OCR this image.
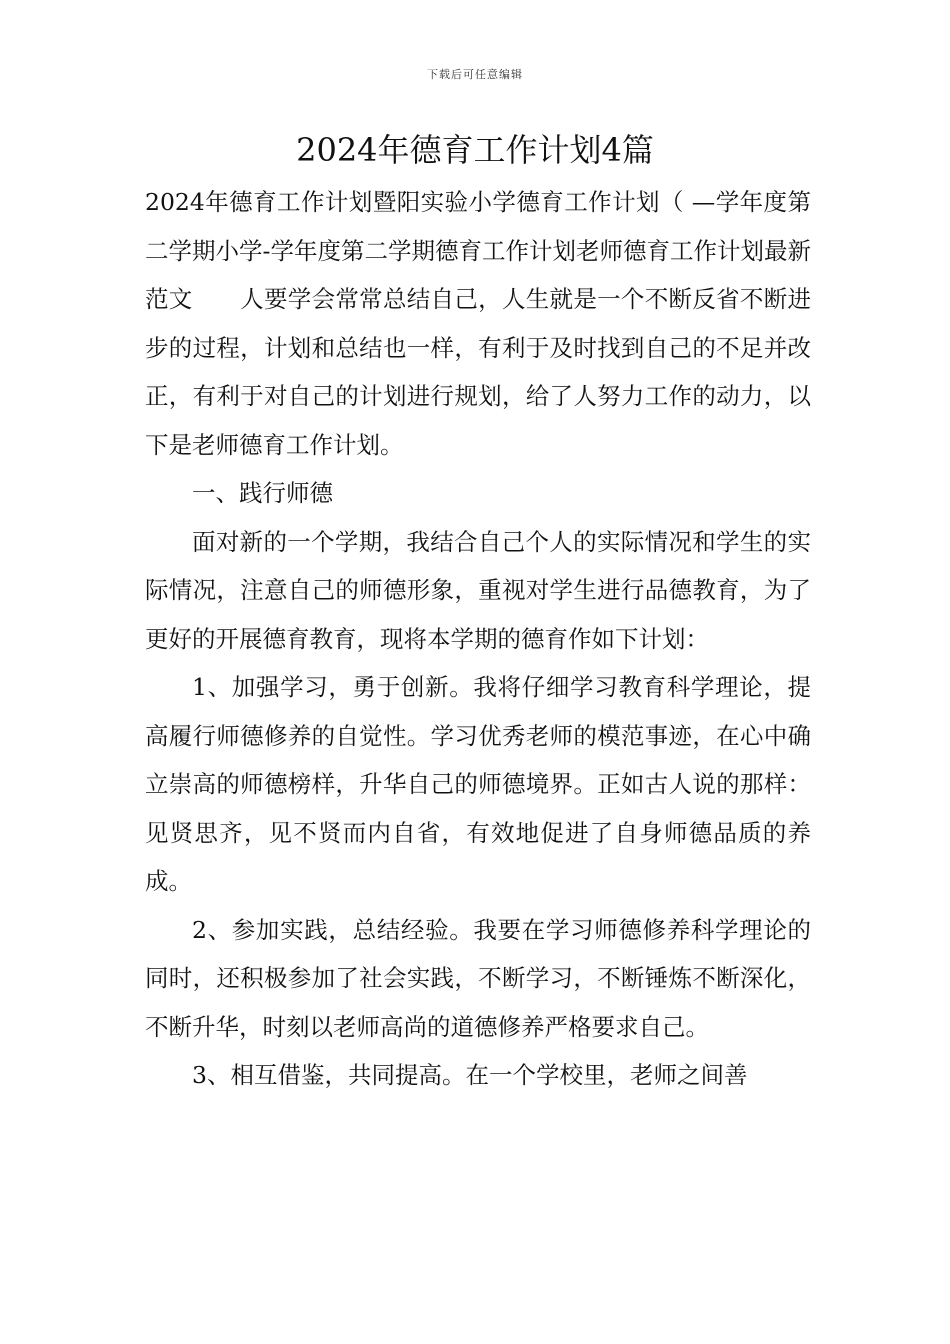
下载后可任意编辑
2024年德育工作计划4篇

2024年德育工作计划暨阳实验小学德育工作计划（ —学年度第二学期小学-学年度第二学期德育工作计划老师德育工作计划最新范文　　人要学会常常总结自己，人生就是一个不断反省不断进步的过程，计划和总结也一样，有利于及时找到自己的不足并改正，有利于对自己的计划进行规划，给了人努力工作的动力，以下是老师德育工作计划。

一、践行师德

面对新的一个学期，我结合自己个人的实际情况和学生的实际情况，注意自己的师德形象，重视对学生进行品德教育，为了更好的开展德育教育，现将本学期的德育作如下计划：

1、加强学习，勇于创新。我将仔细学习教育科学理论，提高履行师德修养的自觉性。学习优秀老师的模范事迹，在心中确立崇高的师德榜样，升华自己的师德境界。正如古人说的那样：见贤思齐，见不贤而内自省，有效地促进了自身师德品质的养成。

2、参加实践，总结经验。我要在学习师德修养科学理论的同时，还积极参加了社会实践，不断学习，不断锤炼不断深化，不断升华，时刻以老师高尚的道德修养严格要求自己。

3、相互借鉴，共同提高。在一个学校里，老师之间善
